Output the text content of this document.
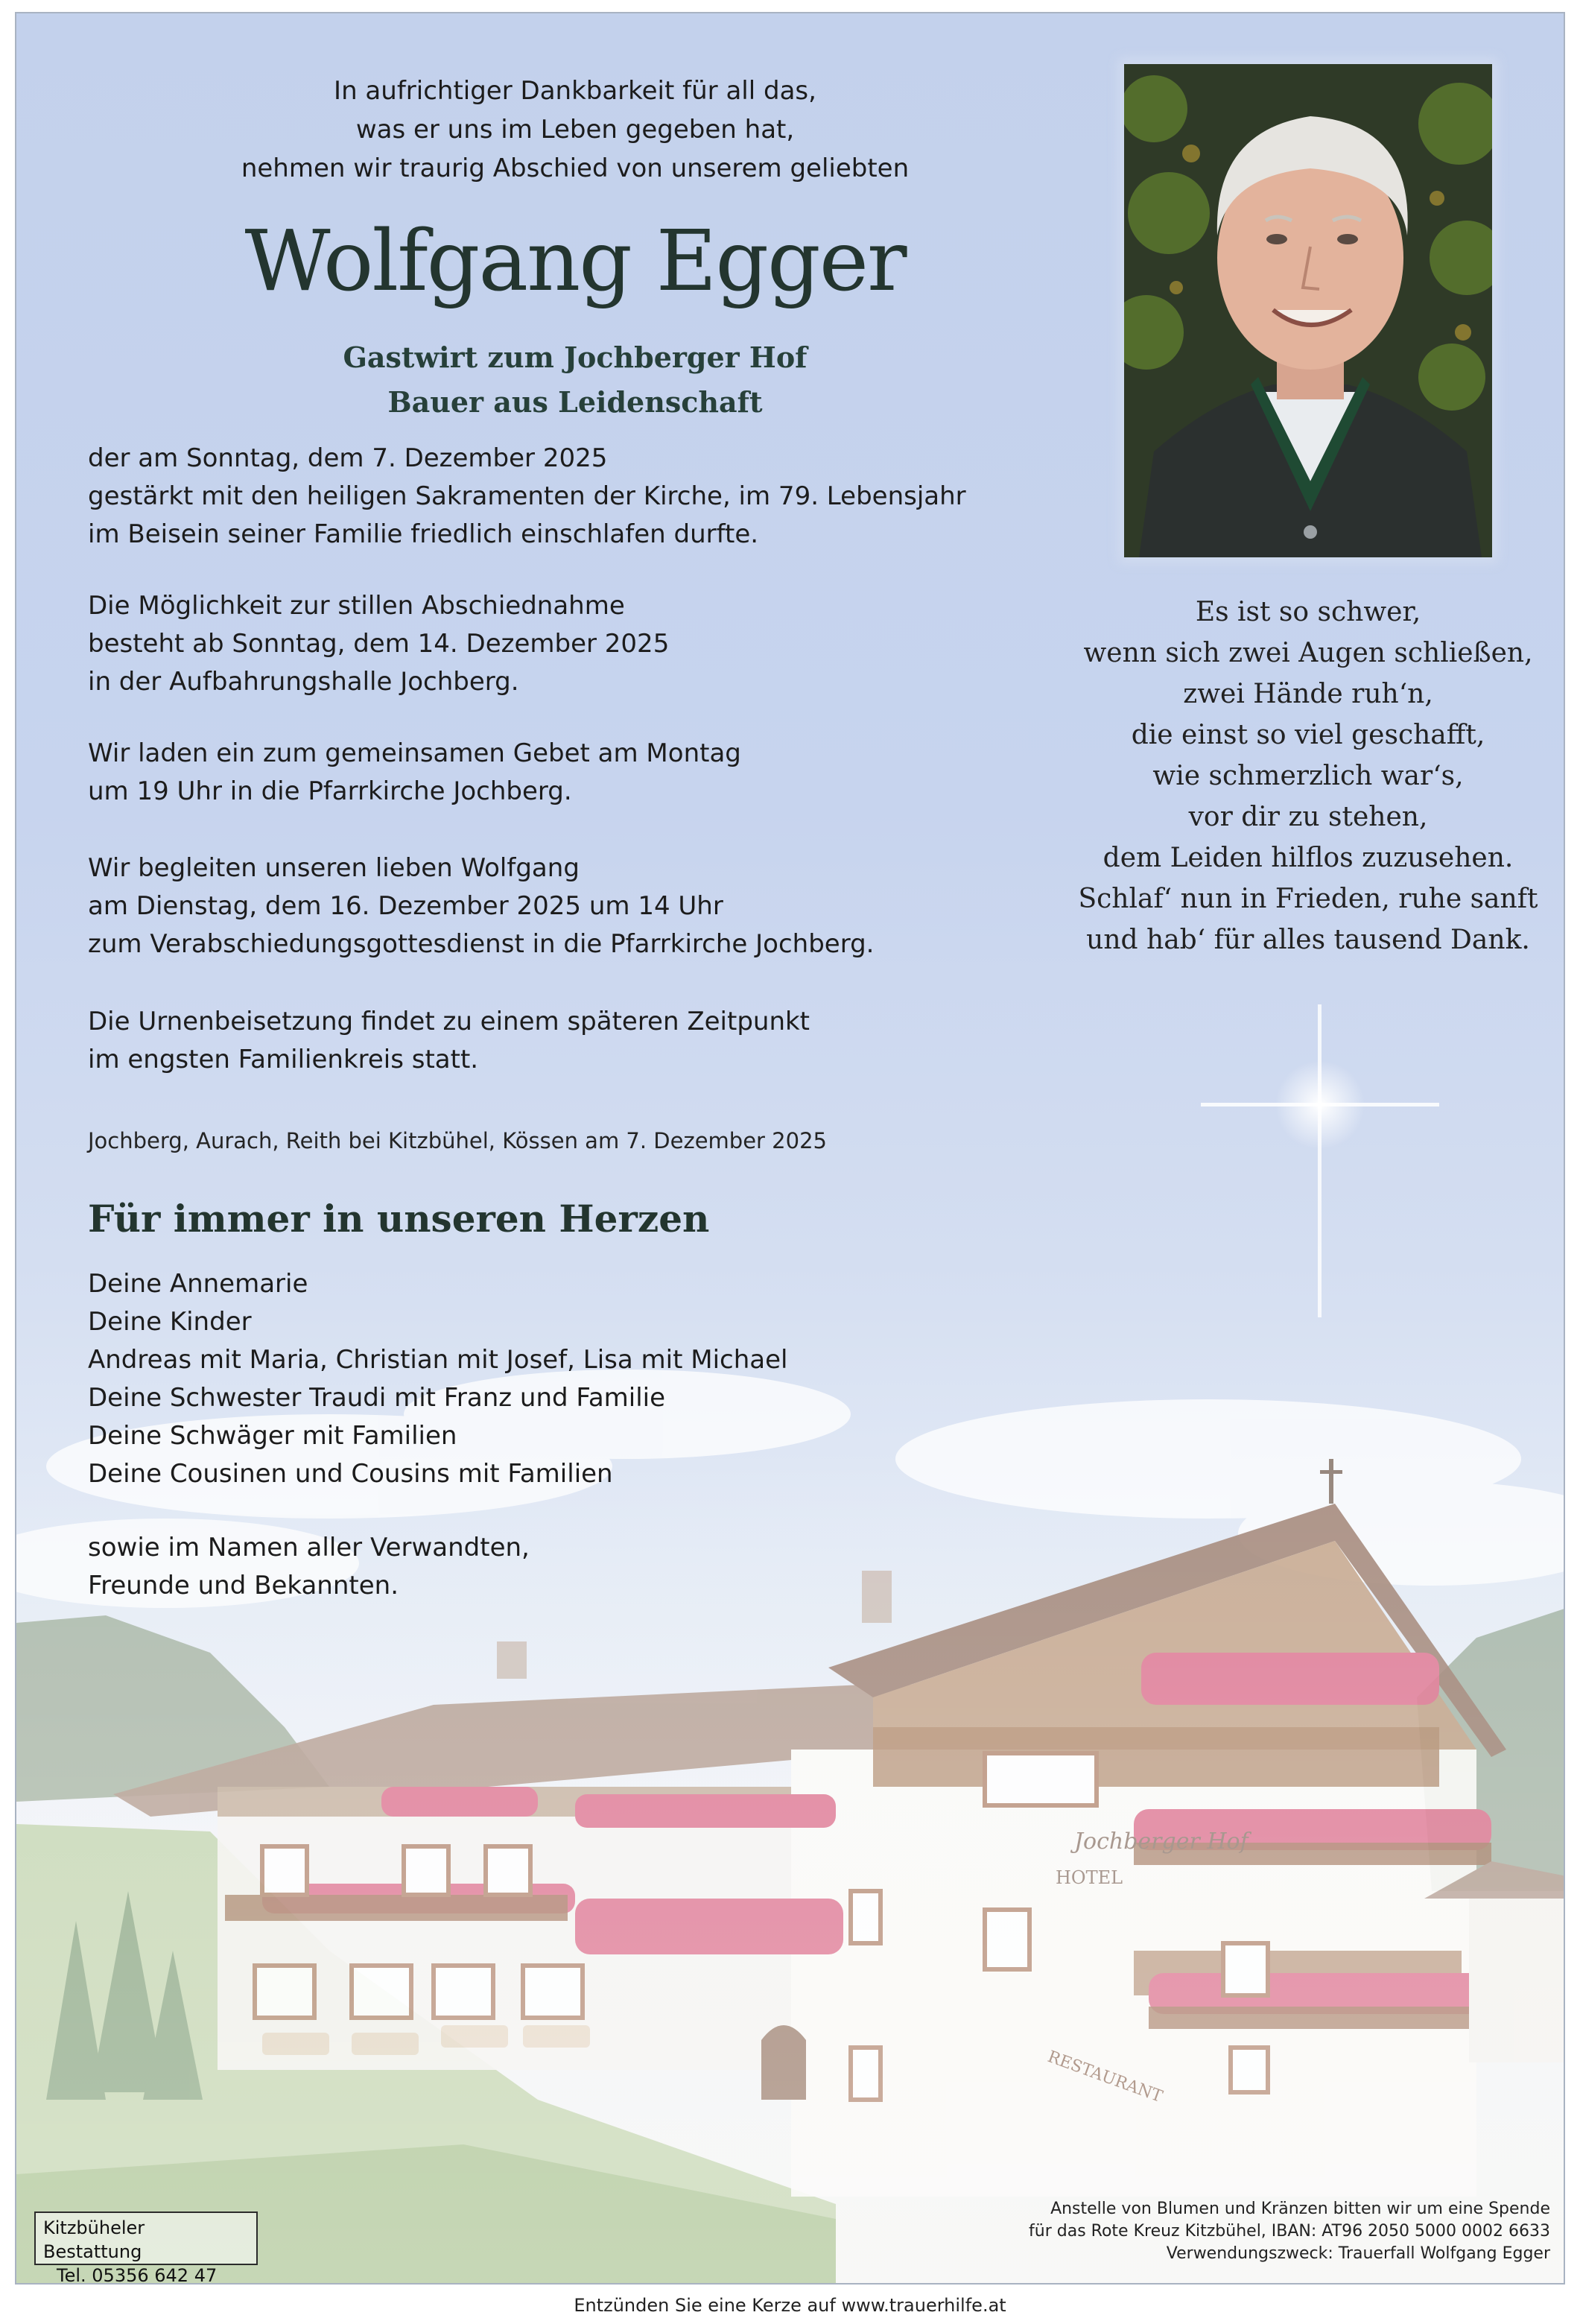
In aufrichtiger Dankbarkeit für all das,
was er uns im Leben gegeben hat,
nehmen wir traurig Abschied von unserem geliebten
Wolfgang Egger
Gastwirt zum Jochberger Hof
Bauer aus Leidenschaft
der am Sonntag, dem 7. Dezember 2025
gestärkt mit den heiligen Sakramenten der Kirche, im 79. Lebensjahr
im Beisein seiner Familie friedlich einschlafen durfte.
Die Möglichkeit zur stillen Abschiednahme
besteht ab Sonntag, dem 14. Dezember 2025
in der Aufbahrungshalle Jochberg.
Wir laden ein zum gemeinsamen Gebet am Montag
um 19 Uhr in die Pfarrkirche Jochberg.
Wir begleiten unseren lieben Wolfgang
am Dienstag, dem 16. Dezember 2025 um 14 Uhr
zum Verabschiedungsgottesdienst in die Pfarrkirche Jochberg.
Die Urnenbeisetzung findet zu einem späteren Zeitpunkt
im engsten Familienkreis statt.
Jochberg, Aurach, Reith bei Kitzbühel, Kössen am 7. Dezember 2025
Für immer in unseren Herzen
Deine Annemarie
Deine Kinder
Andreas mit Maria, Christian mit Josef, Lisa mit Michael
Deine Schwester Traudi mit Franz und Familie
Deine Schwäger mit Familien
Deine Cousinen und Cousins mit Familien
sowie im Namen aller Verwandten,
Freunde und Bekannten.
Es ist so schwer,
wenn sich zwei Augen schließen,
zwei Hände ruh‘n,
die einst so viel geschafft,
wie schmerzlich war‘s,
vor dir zu stehen,
dem Leiden hilflos zuzusehen.
Schlaf‘ nun in Frieden, ruhe sanft
und hab‘ für alles tausend Dank.
Kitzbüheler Bestattung
Tel. 05356 642 47
Anstelle von Blumen und Kränzen bitten wir um eine Spende
für das Rote Kreuz Kitzbühel, IBAN: AT96 2050 5000 0002 6633
Verwendungszweck: Trauerfall Wolfgang Egger
Entzünden Sie eine Kerze auf www.trauerhilfe.at
